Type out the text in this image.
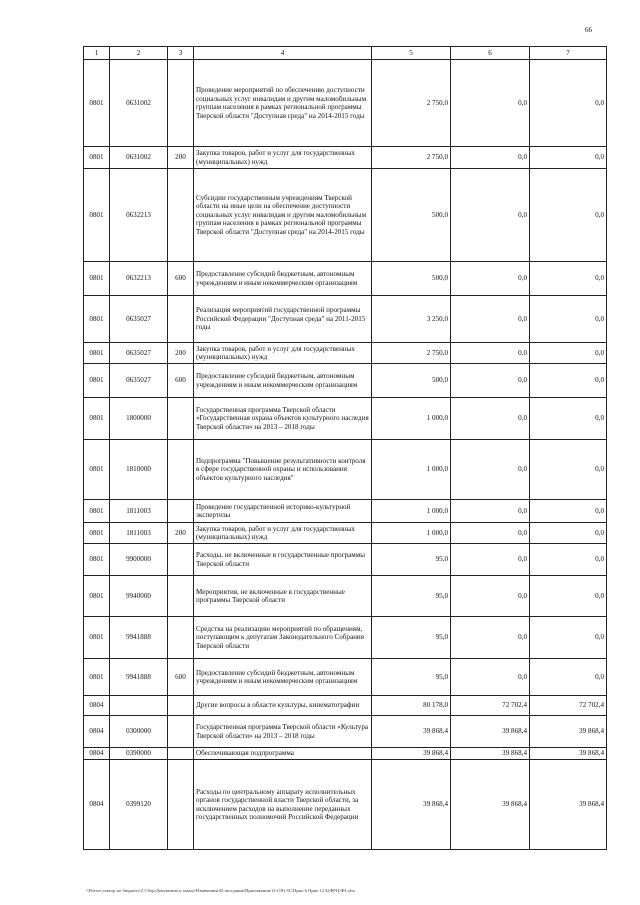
66
1	2	3	4	5	6	7
0801	0631002		Проведение мероприятий по обеспечению доступности социальных услуг инвалидам и другим маломобильным группам населения в рамках региональной программы Тверской области "Доступная среда" на 2014-2015 годы	2 750,0	0,0	0,0
0801	0631002	200	Закупка товаров, работ и услуг для государственных (муниципальных) нужд	2 750,0	0,0	0,0
0801	0632213		Субсидии государственным учреждениям Тверской области на иные цели на обеспечение доступности социальных услуг инвалидам и другим маломобильным группам населения в рамках региональной программы Тверской области "Доступная среда" на 2014-2015 годы	500,0	0,0	0,0
0801	0632213	600	Предоставление субсидий бюджетным, автономным учреждениям и иным некоммерческим организациям	500,0	0,0	0,0
0801	0635027		Реализация мероприятий государственной программы Российской Федерации "Доступная среда" на 2011-2015 годы	3 250,0	0,0	0,0
0801	0635027	200	Закупка товаров, работ и услуг для государственных (муниципальных) нужд	2 750,0	0,0	0,0
0801	0635027	600	Предоставление субсидий бюджетным, автономным учреждениям и иным некоммерческим организациям	500,0	0,0	0,0
0801	1800000		Государственная программа Тверской области «Государственная охрана объектов культурного наследия Тверской области» на 2013 – 2018 годы	1 000,0	0,0	0,0
0801	1810000		Подпрограмма "Повышение результативности контроля в сфере государственной охраны и использования объектов культурного наследия"	1 000,0	0,0	0,0
0801	1811003		Проведение государственной историко-культурной экспертизы	1 000,0	0,0	0,0
0801	1811003	200	Закупка товаров, работ и услуг для государственных (муниципальных) нужд	1 000,0	0,0	0,0
0801	9900000		Расходы, не включенные в государственные программы Тверской области	95,0	0,0	0,0
0801	9940000		Мероприятия, не включенные в государственные программы Тверской области	95,0	0,0	0,0
0801	9941888		Средства на реализацию мероприятий по обращениям, поступающим к депутатам Законодательного Собрания Тверской области	95,0	0,0	0,0
0801	9941888	600	Предоставление субсидий бюджетным, автономным учреждениям и иным некоммерческим организациям	95,0	0,0	0,0
0804			Другие вопросы в области культуры, кинематографии	80 178,0	72 702,4	72 702,4
0804	0300000		Государственная программа Тверской области «Культура Тверской области» на 2013 – 2018 годы	39 868,4	39 868,4	39 868,4
0804	0390000		Обеспечивающая подпрограмма	39 868,4	39 868,4	39 868,4
0804	0399120		Расходы по центральному аппарату исполнительных органов государственной власти Тверской области, за исключением расходов на выполнение переданных государственных полномочий Российской Федерации	39 868,4	39 868,4	39 868,4
\\Filesrv\сектор по бюджету\2 Сбор\Документы к заказу\Изменения\43 заседание\Приложения\12-(18)-ЗС\Прил 6 Прил 12 Б(ФРЦ-ФЗ.xlsx
